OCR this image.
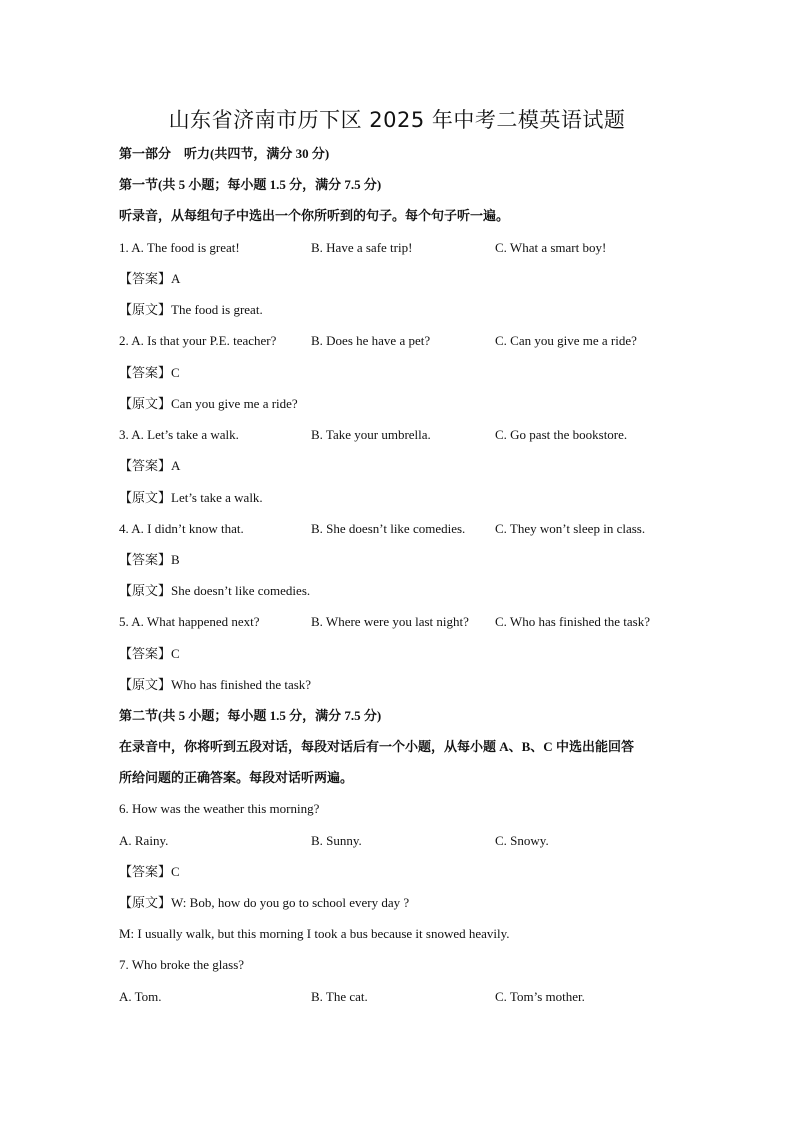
山东省济南市历下区 2025 年中考二模英语试题
第一部分　听力(共四节，满分 30 分)
第一节(共 5 小题；每小题 1.5 分，满分 7.5 分)
听录音，从每组句子中选出一个你所听到的句子。每个句子听一遍。
1. A. The food is great!	B. Have a safe trip!	C. What a smart boy!
【答案】A
【原文】The food is great.
2. A. Is that your P.E. teacher?	B. Does he have a pet?	C. Can you give me a ride?
【答案】C
【原文】Can you give me a ride?
3. A. Let’s take a walk.	B. Take your umbrella.	C. Go past the bookstore.
【答案】A
【原文】Let’s take a walk.
4. A. I didn’t know that.	B. She doesn’t like comedies. C. They won’t sleep in class.
【答案】B
【原文】She doesn’t like comedies.
5. A. What happened next?	B. Where were you last night? C. Who has finished the task?
【答案】C
【原文】Who has finished the task?
第二节(共 5 小题；每小题 1.5 分，满分 7.5 分)
在录音中，你将听到五段对话，每段对话后有一个小题，从每小题 A、B、C 中选出能回答
所给问题的正确答案。每段对话听两遍。
6. How was the weather this morning?
A. Rainy.	B. Sunny.	C. Snowy.
【答案】C
【原文】W: Bob, how do you go to school every day ?
M: I usually walk, but this morning I took a bus because it snowed heavily.
7. Who broke the glass?
A. Tom.	B. The cat.	C. Tom’s mother.
